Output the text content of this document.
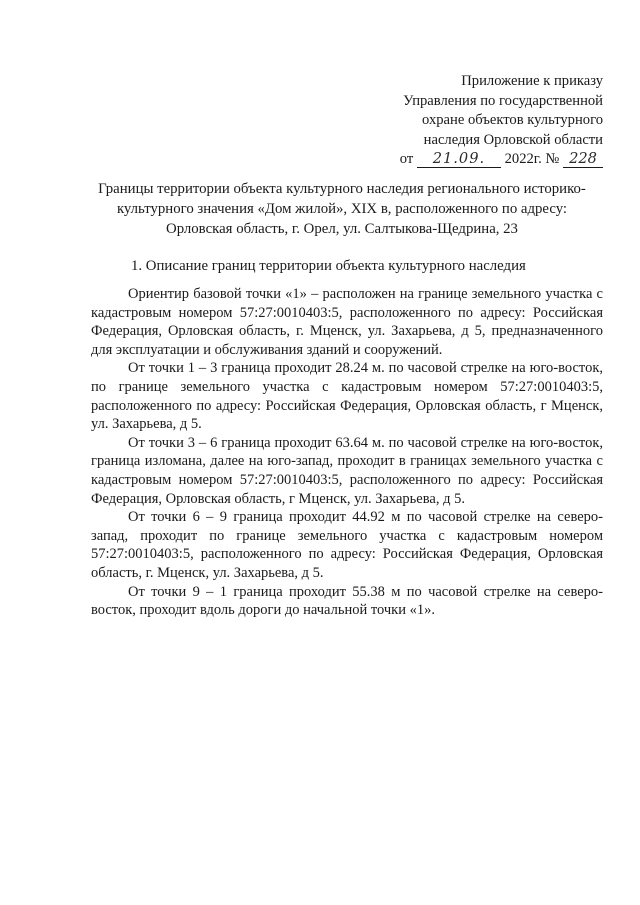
Приложение к приказу
Управления по государственной
охране объектов культурного
наследия Орловской области
от 21.09. 2022г. № 228
Границы территории объекта культурного наследия регионального историко-
культурного значения «Дом жилой», XIX в, расположенного по адресу:
Орловская область, г. Орел, ул. Салтыкова-Щедрина, 23
1. Описание границ территории объекта культурного наследия

Ориентир базовой точки «1» – расположен на границе земельного участка с кадастровым номером 57:27:0010403:5, расположенного по адресу: Российская Федерация, Орловская область, г. Мценск, ул. Захарьева, д 5, предназначенного для эксплуатации и обслуживания зданий и сооружений.

От точки 1 – 3 граница проходит 28.24 м. по часовой стрелке на юго-восток, по границе земельного участка с кадастровым номером 57:27:0010403:5, расположенного по адресу: Российская Федерация, Орловская область, г Мценск, ул. Захарьева, д 5.

От точки 3 – 6 граница проходит 63.64 м. по часовой стрелке на юго-восток, граница изломана, далее на юго-запад, проходит в границах земельного участка с кадастровым номером 57:27:0010403:5, расположенного по адресу: Российская Федерация, Орловская область, г Мценск, ул. Захарьева, д 5.

От точки 6 – 9 граница проходит 44.92 м по часовой стрелке на северо-запад, проходит по границе земельного участка с кадастровым номером 57:27:0010403:5, расположенного по адресу: Российская Федерация, Орловская область, г. Мценск, ул. Захарьева, д 5.

От точки 9 – 1 граница проходит 55.38 м по часовой стрелке на северо-восток, проходит вдоль дороги до начальной точки «1».
